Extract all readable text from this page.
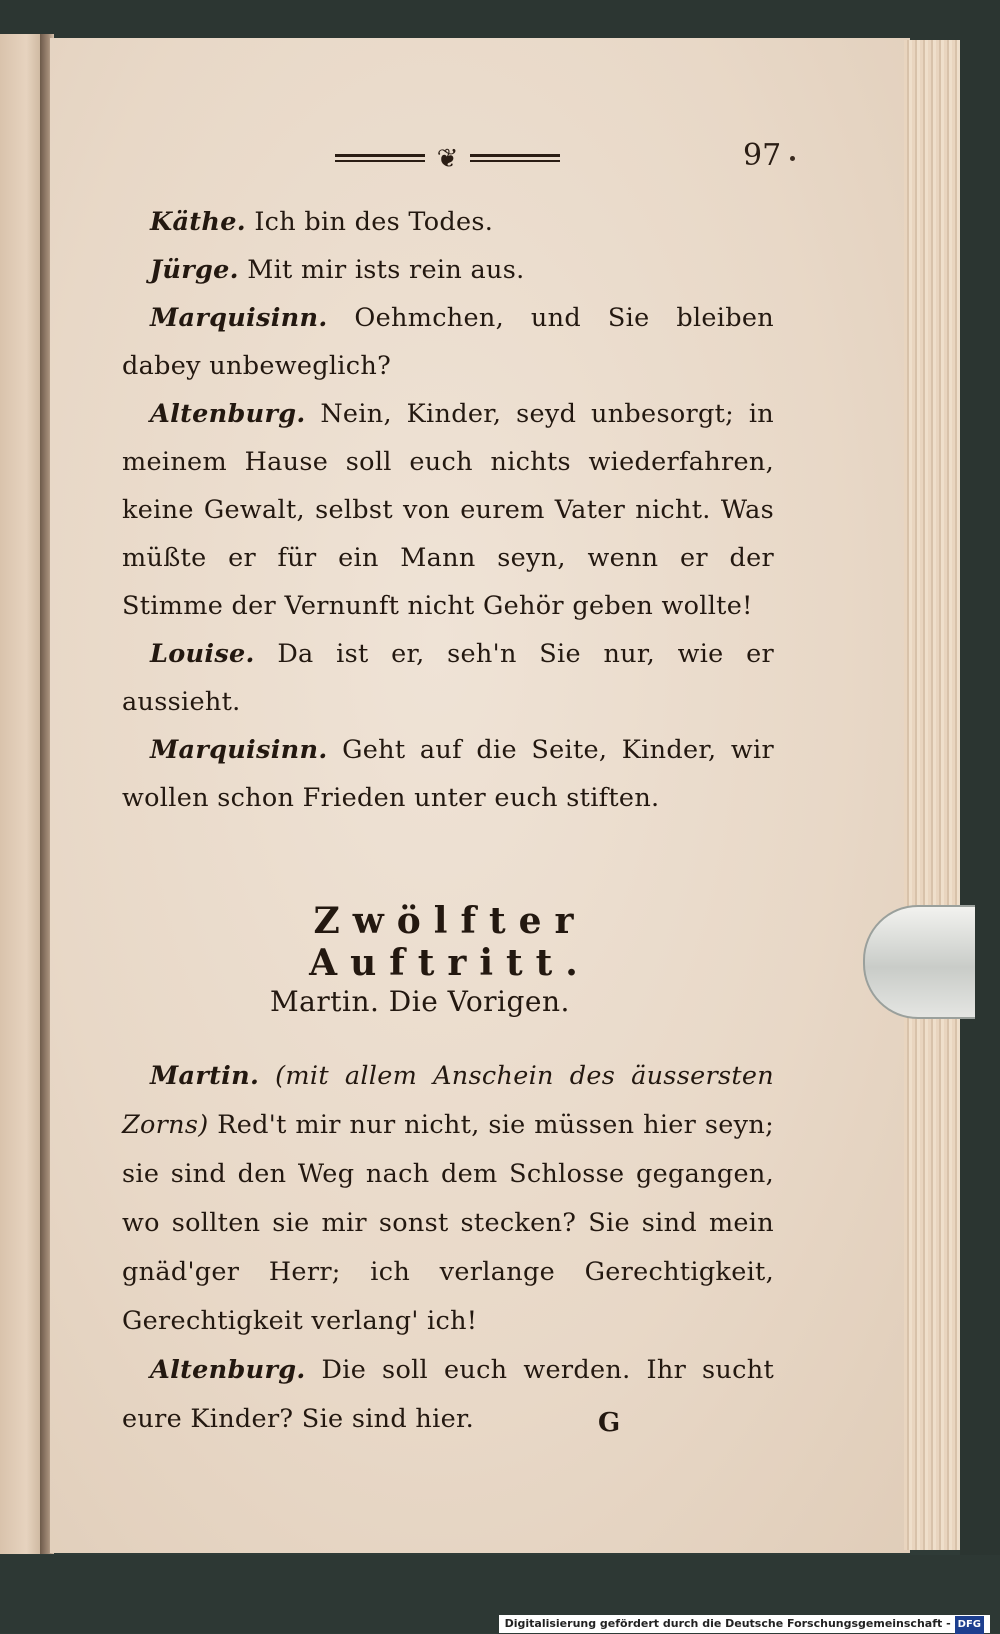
❦	97

Käthe. Ich bin des Todes.

Jürge. Mit mir ists rein aus.

Marquisinn. Oehmchen, und Sie bleiben dabey unbeweglich?

Altenburg. Nein, Kinder, seyd unbesorgt; in meinem Hause soll euch nichts wiederfahren, keine Gewalt, selbst von eurem Vater nicht. Was müßte er für ein Mann seyn, wenn er der Stimme der Vernunft nicht Gehör geben wollte!

Louise. Da ist er, seh'n Sie nur, wie er aussieht.

Marquisinn. Geht auf die Seite, Kinder, wir wollen schon Frieden unter euch stiften.

Zwölfter Auftritt.
Martin. Die Vorigen.

Martin. (mit allem Anschein des äussersten Zorns) Red't mir nur nicht, sie müssen hier seyn; sie sind den Weg nach dem Schlosse gegangen, wo sollten sie mir sonst stecken? Sie sind mein gnäd'ger Herr; ich verlange Gerechtigkeit, Gerechtigkeit verlang' ich!

Altenburg. Die soll euch werden. Ihr sucht eure Kinder? Sie sind hier.	G
Digitalisierung gefördert durch die Deutsche Forschungsgemeinschaft - DFG
